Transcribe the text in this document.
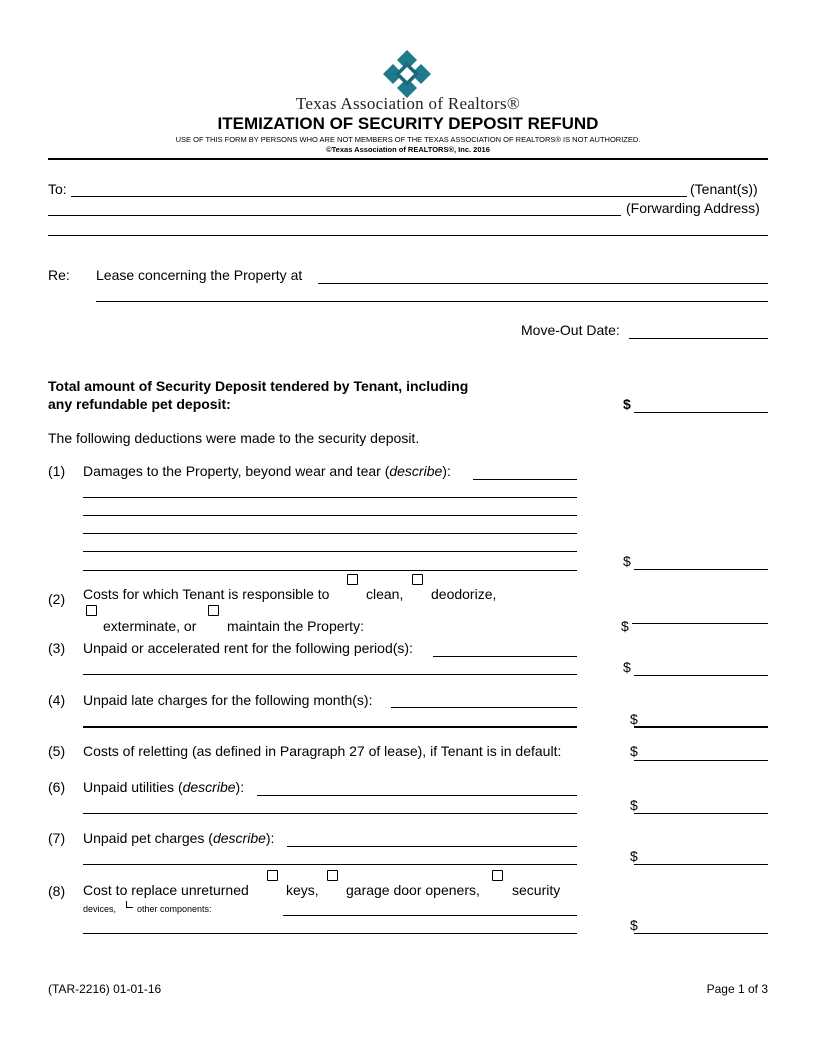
Texas Association of Realtors®
ITEMIZATION OF SECURITY DEPOSIT REFUND
USE OF THIS FORM BY PERSONS WHO ARE NOT MEMBERS OF THE TEXAS ASSOCIATION OF REALTORS® IS NOT AUTHORIZED.
©Texas Association of REALTORS®, Inc. 2016
To:	(Tenant(s))
(Forwarding Address)
Re: Lease concerning the Property at
Move-Out Date:
Total amount of Security Deposit tendered by Tenant, including
any refundable pet deposit:	$
The following deductions were made to the security deposit.
(1) Damages to the Property, beyond wear and tear (describe):
$
(2) Costs for which Tenant is responsible to	clean, deodorize,
exterminate, or maintain the Property:	$
(3) Unpaid or accelerated rent for the following period(s):
$
(4) Unpaid late charges for the following month(s):
$
(5) Costs of reletting (as defined in Paragraph 27 of lease), if Tenant is in default:	$
(6) Unpaid utilities (describe):
$
(7) Unpaid pet charges (describe):
$
(8) Cost to replace unreturned	keys, garage door openers, security
devices, other components:
$
(TAR-2216) 01-01-16	Page 1 of 3
